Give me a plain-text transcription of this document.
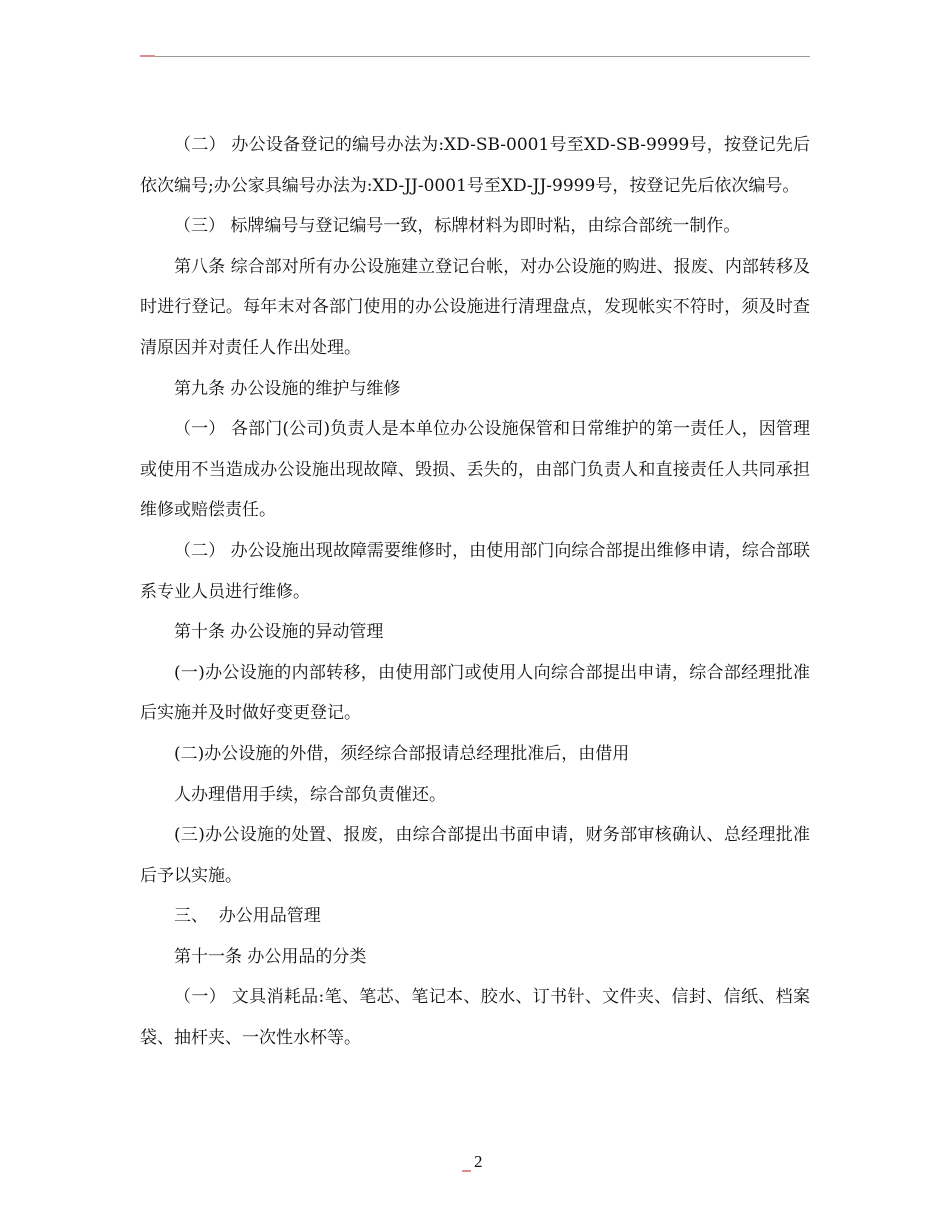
（二） 办公设备登记的编号办法为:XD-SB-0001号至XD-SB-9999号，按登记先后依次编号;办公家具编号办法为:XD-JJ-0001号至XD-JJ-9999号，按登记先后依次编号。

（三） 标牌编号与登记编号一致，标牌材料为即时粘，由综合部统一制作。

第八条 综合部对所有办公设施建立登记台帐，对办公设施的购进、报废、内部转移及时进行登记。每年末对各部门使用的办公设施进行清理盘点，发现帐实不符时，须及时查清原因并对责任人作出处理。

第九条 办公设施的维护与维修

（一） 各部门(公司)负责人是本单位办公设施保管和日常维护的第一责任人，因管理或使用不当造成办公设施出现故障、毁损、丢失的，由部门负责人和直接责任人共同承担维修或赔偿责任。

（二） 办公设施出现故障需要维修时，由使用部门向综合部提出维修申请，综合部联系专业人员进行维修。

第十条 办公设施的异动管理

(一)办公设施的内部转移，由使用部门或使用人向综合部提出申请，综合部经理批准后实施并及时做好变更登记。

(二)办公设施的外借，须经综合部报请总经理批准后，由借用

人办理借用手续，综合部负责催还。

(三)办公设施的处置、报废，由综合部提出书面申请，财务部审核确认、总经理批准后予以实施。

三、  办公用品管理

第十一条 办公用品的分类

（一） 文具消耗品:笔、笔芯、笔记本、胶水、订书针、文件夹、信封、信纸、档案袋、抽杆夹、一次性水杯等。

2
